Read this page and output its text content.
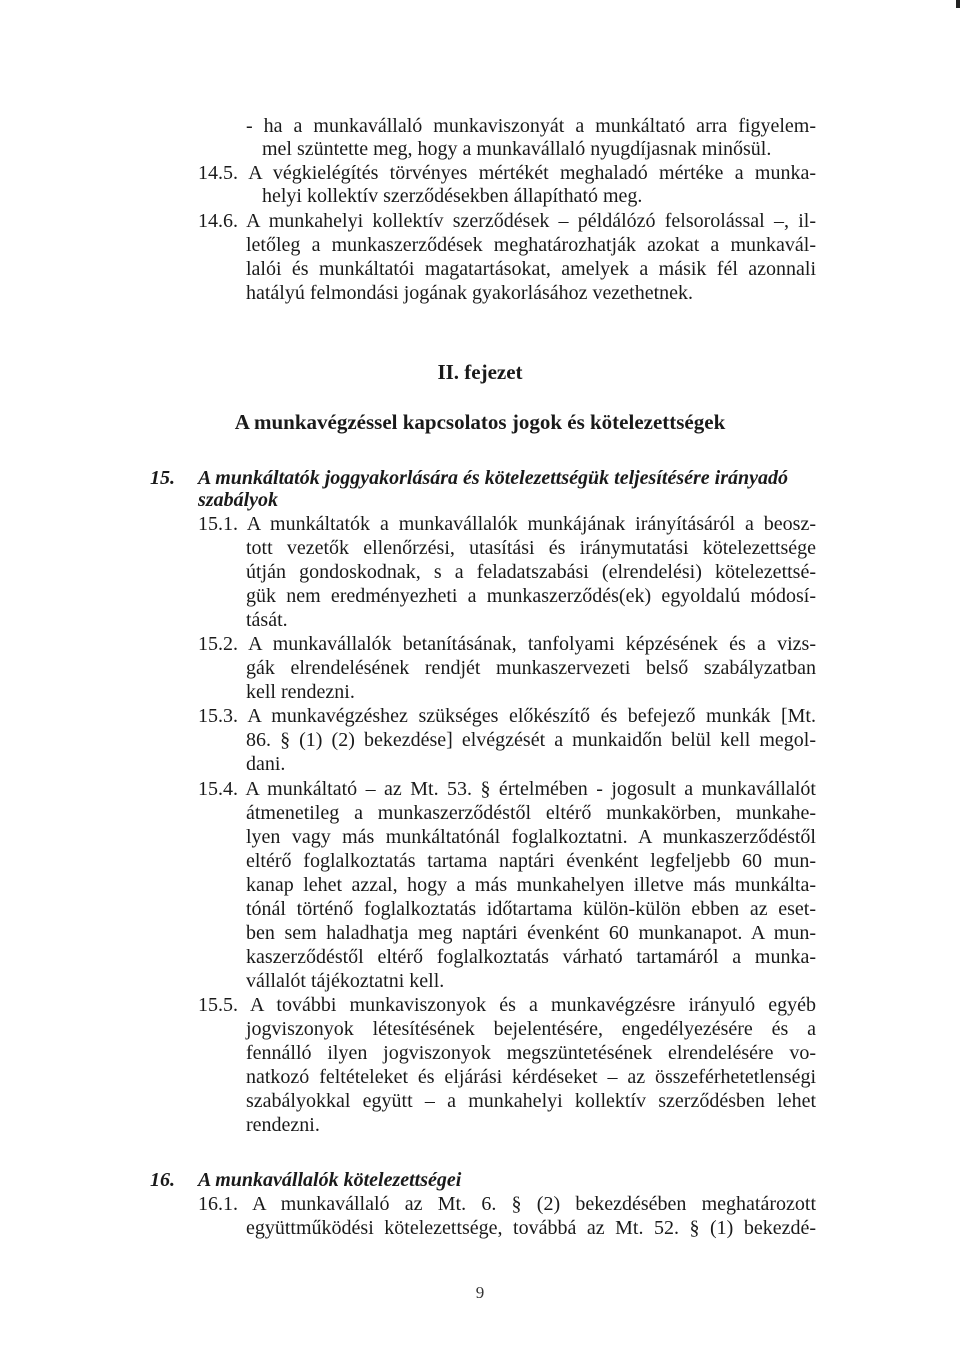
- ha a munkavállaló munkaviszonyát a munkáltató arra figyelem-
mel szüntette meg, hogy a munkavállaló nyugdíjasnak minősül.
14.5. A végkielégítés törvényes mértékét meghaladó mértéke a munka-
helyi kollektív szerződésekben állapítható meg.
14.6. A munkahelyi kollektív szerződések – példálózó felsorolással –, il-
letőleg a munkaszerződések meghatározhatják azokat a munkavál-
lalói és munkáltatói magatartásokat, amelyek a másik fél azonnali
hatályú felmondási jogának gyakorlásához vezethetnek.
II. fejezet
A munkavégzéssel kapcsolatos jogok és kötelezettségek
15. A munkáltatók joggyakorlására és kötelezettségük teljesítésére irányadó
szabályok
15.1. A munkáltatók a munkavállalók munkájának irányításáról a beosz-
tott vezetők ellenőrzési, utasítási és iránymutatási kötelezettsége
útján gondoskodnak, s a feladatszabási (elrendelési) kötelezettsé-
gük nem eredményezheti a munkaszerződés(ek) egyoldalú módosí-
tását.
15.2. A munkavállalók betanításának, tanfolyami képzésének és a vizs-
gák elrendelésének rendjét munkaszervezeti belső szabályzatban
kell rendezni.
15.3. A munkavégzéshez szükséges előkészítő és befejező munkák [Mt.
86. § (1) (2) bekezdése] elvégzését a munkaidőn belül kell megol-
dani.
15.4. A munkáltató – az Mt. 53. § értelmében - jogosult a munkavállalót
átmenetileg a munkaszerződéstől eltérő munkakörben, munkahe-
lyen vagy más munkáltatónál foglalkoztatni. A munkaszerződéstől
eltérő foglalkoztatás tartama naptári évenként legfeljebb 60 mun-
kanap lehet azzal, hogy a más munkahelyen illetve más munkálta-
tónál történő foglalkoztatás időtartama külön-külön ebben az eset-
ben sem haladhatja meg naptári évenként 60 munkanapot. A mun-
kaszerződéstől eltérő foglalkoztatás várható tartamáról a munka-
vállalót tájékoztatni kell.
15.5. A további munkaviszonyok és a munkavégzésre irányuló egyéb
jogviszonyok létesítésének bejelentésére, engedélyezésére és a
fennálló ilyen jogviszonyok megszüntetésének elrendelésére vo-
natkozó feltételeket és eljárási kérdéseket – az összeférhetetlenségi
szabályokkal együtt – a munkahelyi kollektív szerződésben lehet
rendezni.
16. A munkavállalók kötelezettségei
16.1. A munkavállaló az Mt. 6. § (2) bekezdésében meghatározott
együttműködési kötelezettsége, továbbá az Mt. 52. § (1) bekezdé-
9
